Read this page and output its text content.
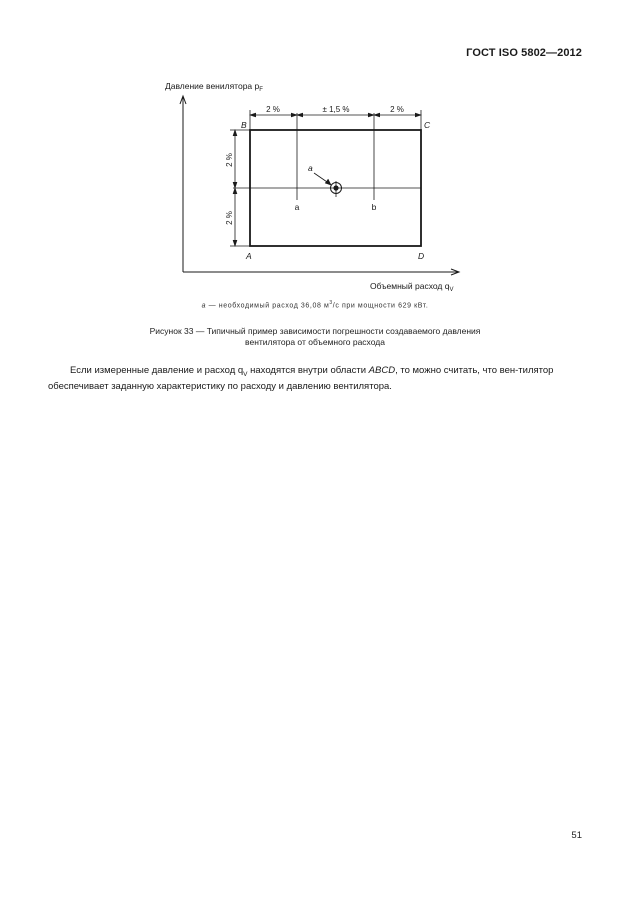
ГОСТ ISO 5802—2012
Давление венилятора $p_F$
Объемный расход $q_V$
2 %	± 1,5 %	2 %
2 %
2 %
B	C
A	D
a
a	b
a — необходимый расход 36,08 $м^3/с$ при мощности 629 кВт.
Рисунок 33 — Типичный пример зависимости погрешности создаваемого давления
вентилятора от объемного расхода
Если измеренные давление и расход $q_V$ находятся внутри области ABCD, то можно считать, что вен-тилятор обеспечивает заданную характеристику по расходу и давлению вентилятора.
51
